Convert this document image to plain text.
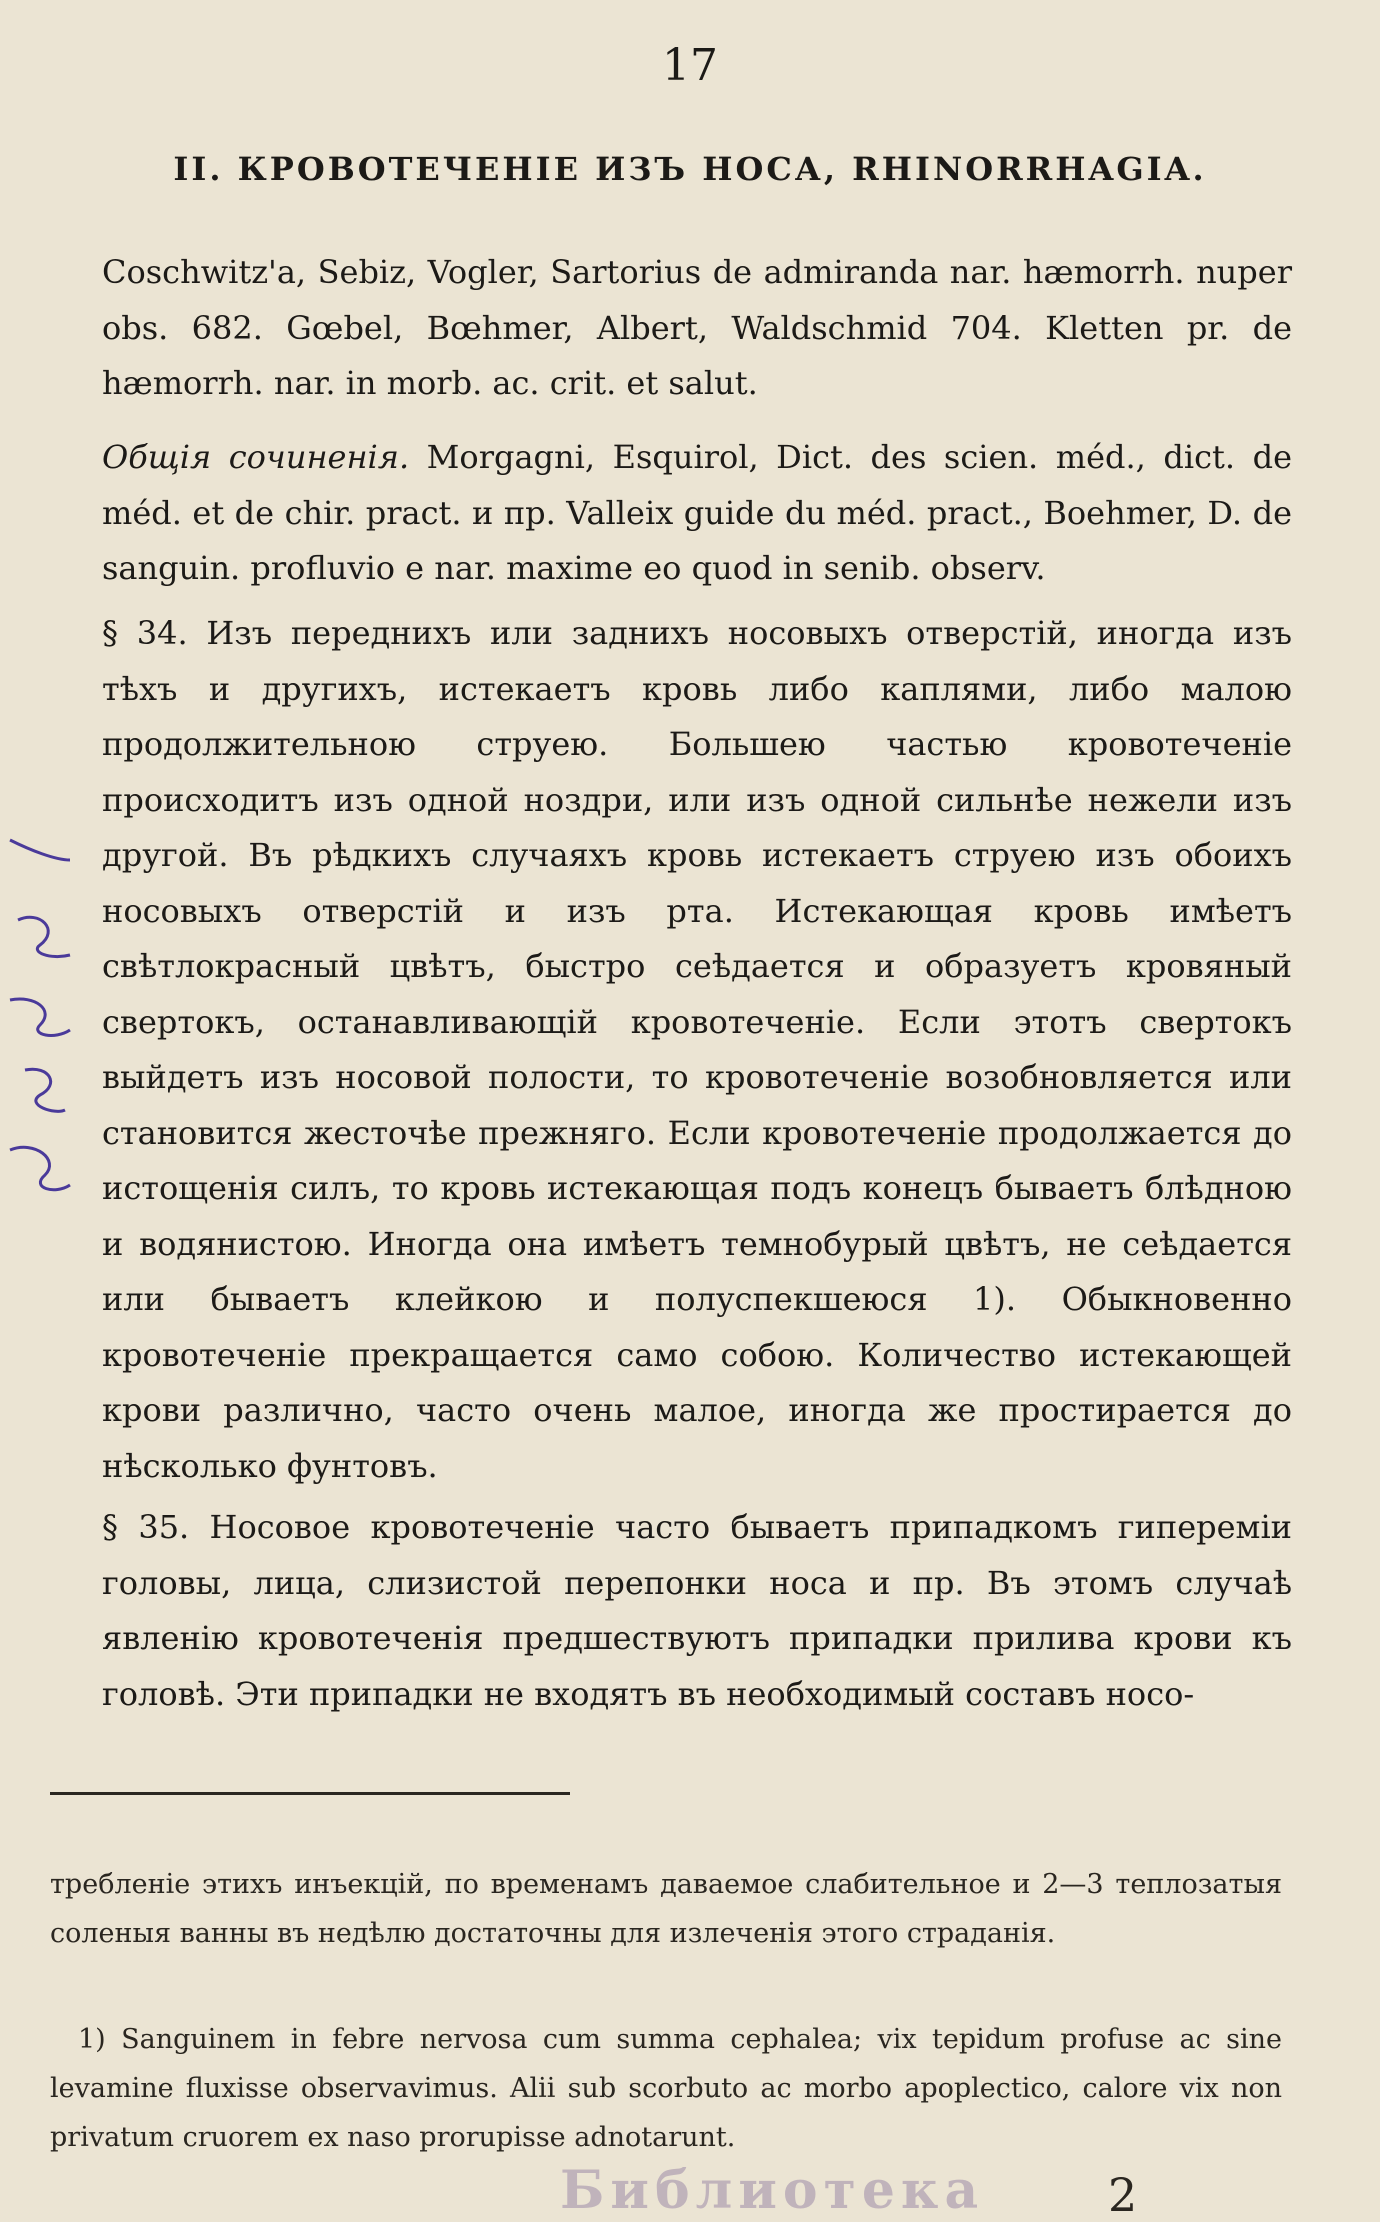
17
II. КРОВОТЕЧЕНІЕ ИЗЪ НОСА, RHINORRHAGIA.

Coschwitz'a, Sebiz, Vogler, Sartorius de admiranda nar. hæmorrh. nuper obs. 682. Gœbel, Bœhmer, Albert, Waldschmid 704. Kletten pr. de hæmorrh. nar. in morb. ac. crit. et salut.

Общія сочиненія. Morgagni, Esquirol, Dict. des scien. méd., dict. de méd. et de chir. pract. и пр. Valleix guide du méd. pract., Boehmer, D. de sanguin. profluvio e nar. maxime eo quod in senib. observ.

§ 34. Изъ переднихъ или заднихъ носовыхъ отверстій, иногда изъ тѣхъ и другихъ, истекаетъ кровь либо каплями, либо малою продолжительною струею. Большею частью кровотеченіе происходитъ изъ одной ноздри, или изъ одной сильнѣе нежели изъ другой. Въ рѣдкихъ случаяхъ кровь истекаетъ струею изъ обоихъ носовыхъ отверстій и изъ рта. Истекающая кровь имѣетъ свѣтлокрасный цвѣтъ, быстро сеѣдается и образуетъ кровяный свертокъ, останавливающій кровотеченіе. Если этотъ свертокъ выйдетъ изъ носовой полости, то кровотеченіе возобновляется или становится жесточѣе прежняго. Если кровотеченіе продолжается до истощенія силъ, то кровь истекающая подъ конецъ бываетъ блѣдною и водянистою. Иногда она имѣетъ темнобурый цвѣтъ, не сеѣдается или бываетъ клейкою и полуспекшеюся 1). Обыкновенно кровотеченіе прекращается само собою. Количество истекающей крови различно, часто очень малое, иногда же простирается до нѣсколько фунтовъ.

§ 35. Носовое кровотеченіе часто бываетъ припадкомъ гипереміи головы, лица, слизистой перепонки носа и пр. Въ этомъ случаѣ явленію кровотеченія предшествуютъ припадки прилива крови къ головѣ. Эти припадки не входятъ въ необходимый составъ носо-

требленіе этихъ инъекцій, по временамъ даваемое слабительное и 2—3 теплозатыя соленыя ванны въ недѣлю достаточны для излеченія этого страданія.

1) Sanguinem in febre nervosa cum summa cephalea; vix tepidum profuse ac sine levamine fluxisse observavimus. Alii sub scorbuto ac morbo apoplectico, calore vix non privatum cruorem ex naso prorupisse adnotarunt.

Библиотека	2
